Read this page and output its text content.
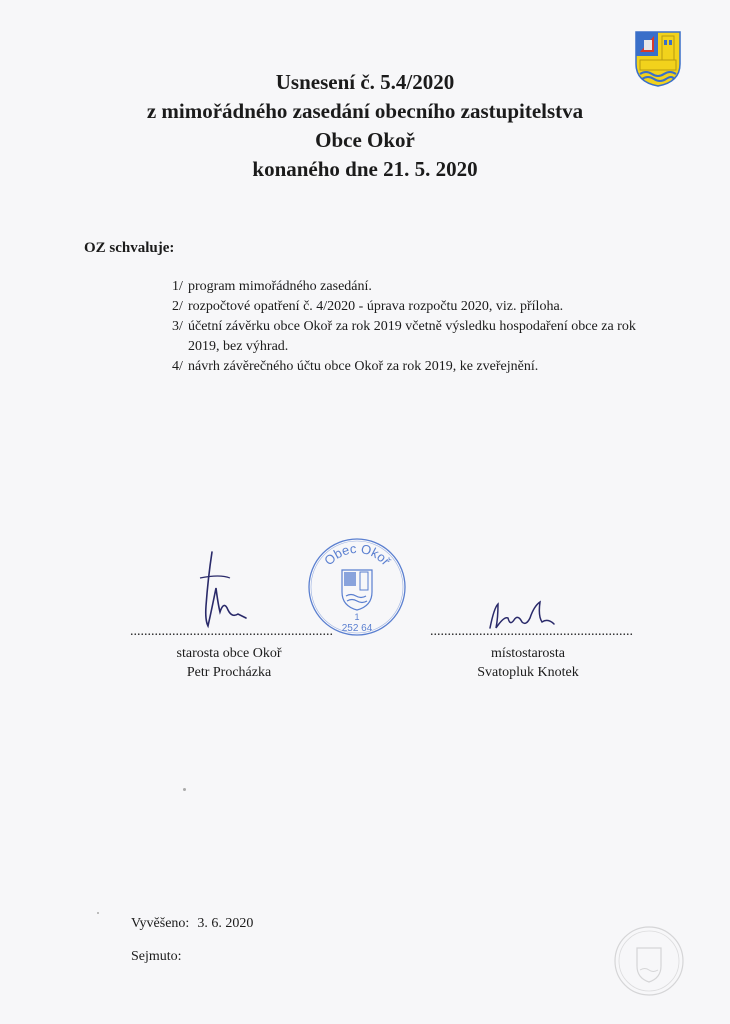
Usnesení č. 5.4/2020
z mimořádného zasedání obecního zastupitelstva
Obce Okoř
konaného dne 21. 5. 2020
OZ schvaluje:
1/ program mimořádného zasedání.
2/ rozpočtové opatření č. 4/2020 - úprava rozpočtu 2020, viz. příloha.
3/ účetní závěrku obce Okoř za rok 2019 včetně výsledku hospodaření obce za rok 2019, bez výhrad.
4/ návrh závěrečného účtu obce Okoř za rok 2019, ke zveřejnění.
Obec Okoř
1
252 64
..........................................................	..........................................................
starosta obce Okoř
Petr Procházka
místostarosta
Svatopluk Knotek
Vyvěšeno: 3. 6. 2020
Sejmuto:
